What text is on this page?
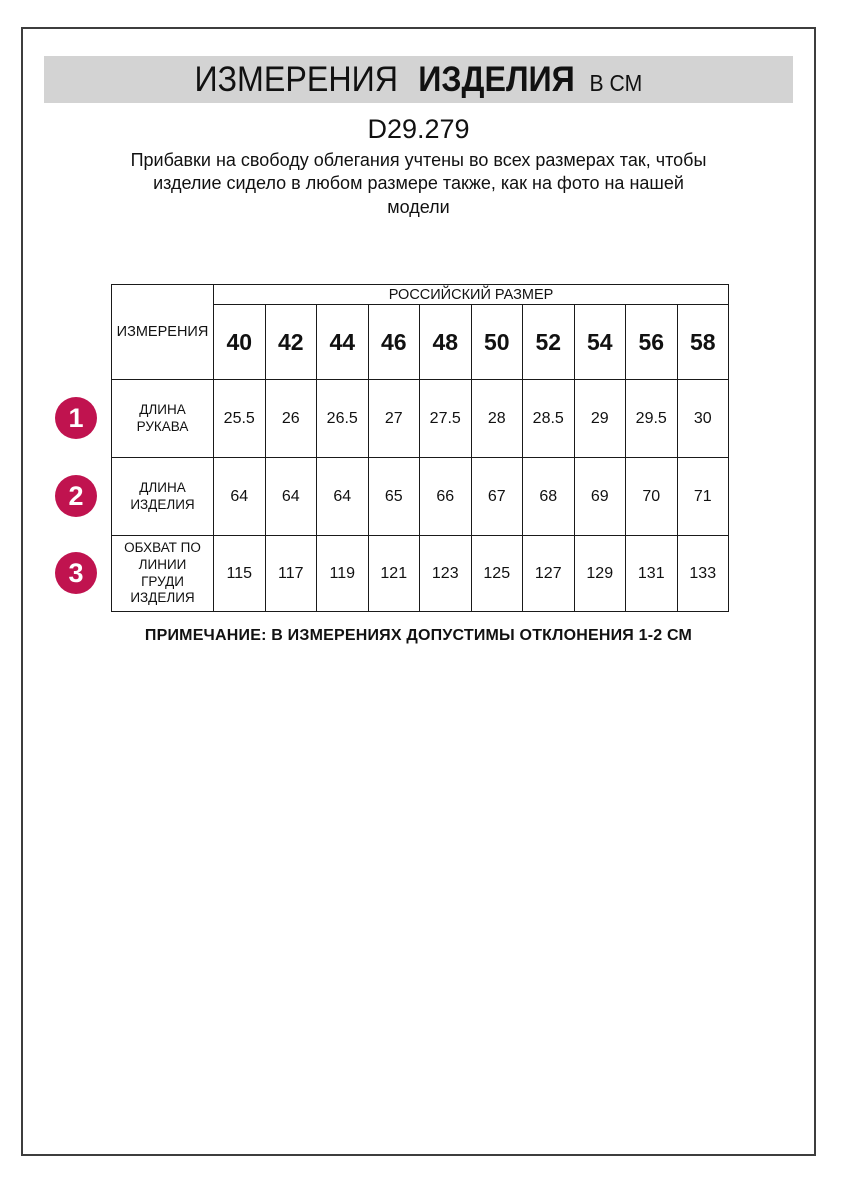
ИЗМЕРЕНИЯ ИЗДЕЛИЯ В СМ
D29.279
Прибавки на свободу облегания учтены во всех размерах так, чтобы
изделие сидело в любом размере также, как на фото на нашей
модели
ИЗМЕРЕНИЯ	РОССИЙСКИЙ РАЗМЕР									
	40	42	44	46	48	50	52	54	56	58
ДЛИНА РУКАВА	25.5	26	26.5	27	27.5	28	28.5	29	29.5	30
ДЛИНА ИЗДЕЛИЯ	64	64	64	65	66	67	68	69	70	71
ОБХВАТ ПО ЛИНИИ ГРУДИ ИЗДЕЛИЯ	115	117	119	121	123	125	127	129	131	133
1
2
3
ПРИМЕЧАНИЕ: В ИЗМЕРЕНИЯХ ДОПУСТИМЫ ОТКЛОНЕНИЯ 1-2 СМ
